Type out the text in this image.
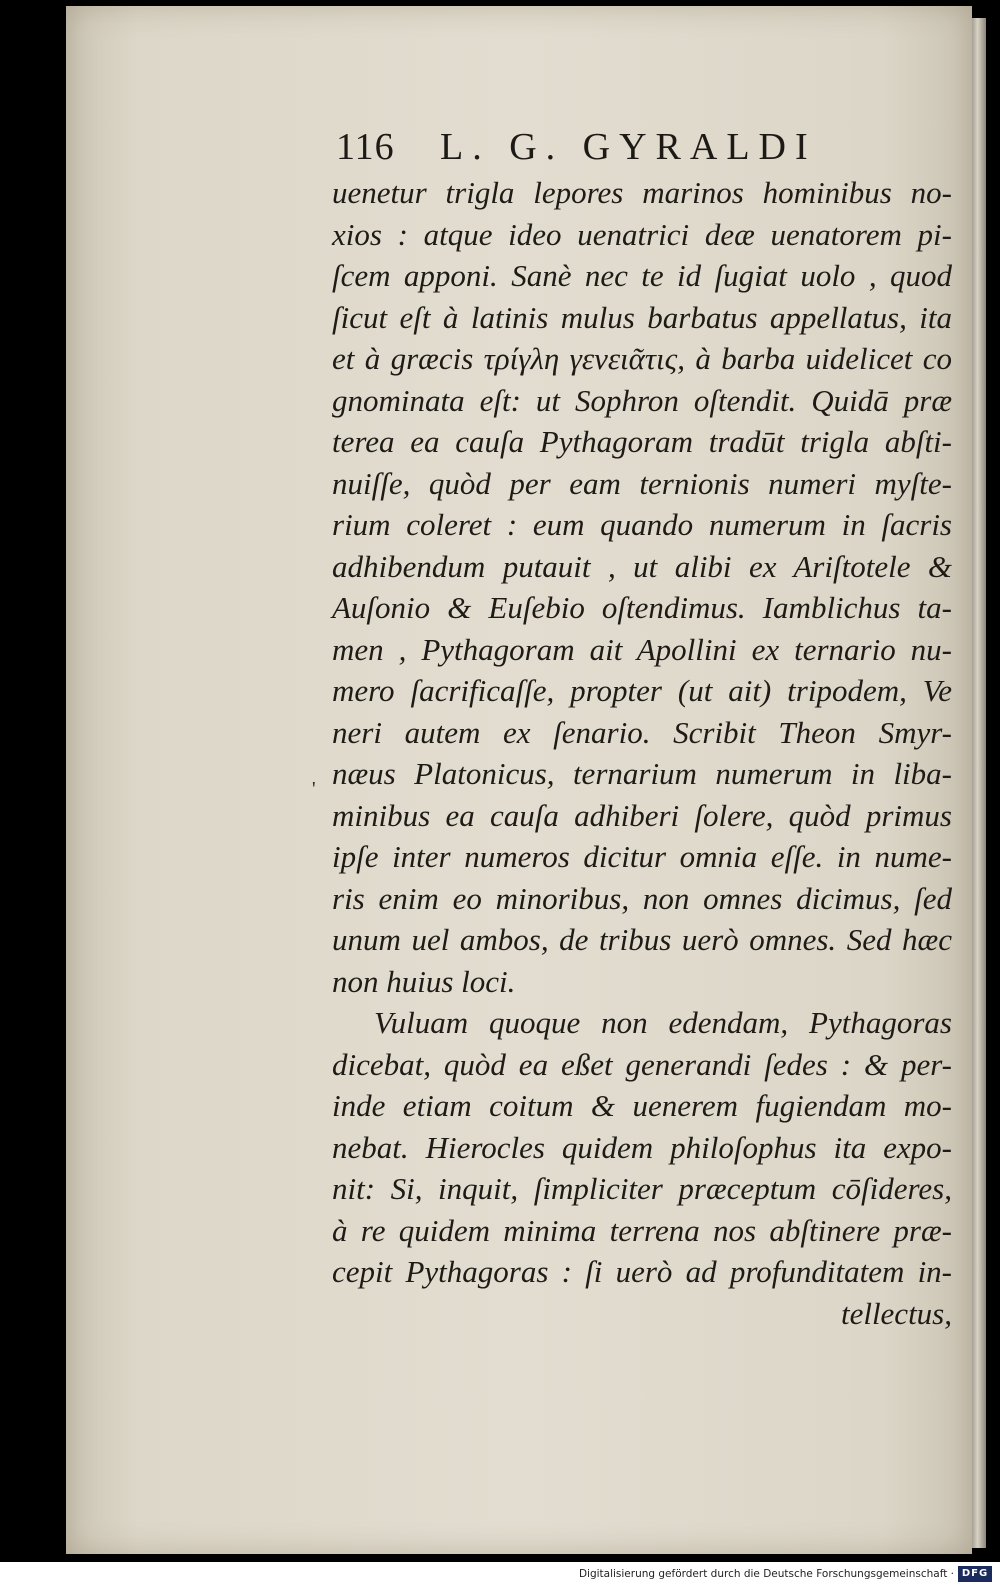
116 L. G. GYRALDI
'
uenetur trigla lepores marinos hominibus no-
xios : atque ideo uenatrici deæ uenatorem pi-
ſcem apponi. Sanè nec te id ſugiat uolo , quod
ſicut eſt à latinis mulus barbatus appellatus, ita
et à græcis τρίγλη γενειᾶτις, à barba uidelicet co
gnominata eſt: ut Sophron oſtendit. Quidā præ
terea ea cauſa Pythagoram tradūt trigla abſti-
nuiſſe, quòd per eam ternionis numeri myſte-
rium coleret : eum quando numerum in ſacris
adhibendum putauit , ut alibi ex Ariſtotele &
Auſonio & Euſebio oſtendimus. Iamblichus ta-
men , Pythagoram ait Apollini ex ternario nu-
mero ſacrificaſſe, propter (ut ait) tripodem, Ve
neri autem ex ſenario. Scribit Theon Smyr-
næus Platonicus, ternarium numerum in liba-
minibus ea cauſa adhiberi ſolere, quòd primus
ipſe inter numeros dicitur omnia eſſe. in nume-
ris enim eo minoribus, non omnes dicimus, ſed
unum uel ambos, de tribus uerò omnes. Sed hæc
non huius loci.
Vuluam quoque non edendam, Pythagoras
dicebat, quòd ea eßet generandi ſedes : & per-
inde etiam coitum & uenerem fugiendam mo-
nebat. Hierocles quidem philoſophus ita expo-
nit: Si, inquit, ſimpliciter præceptum cōſideres,
à re quidem minima terrena nos abſtinere præ-
cepit Pythagoras : ſi uerò ad profunditatem in-
tellectus,
Digitalisierung gefördert durch die Deutsche Forschungsgemeinschaft · DFG
